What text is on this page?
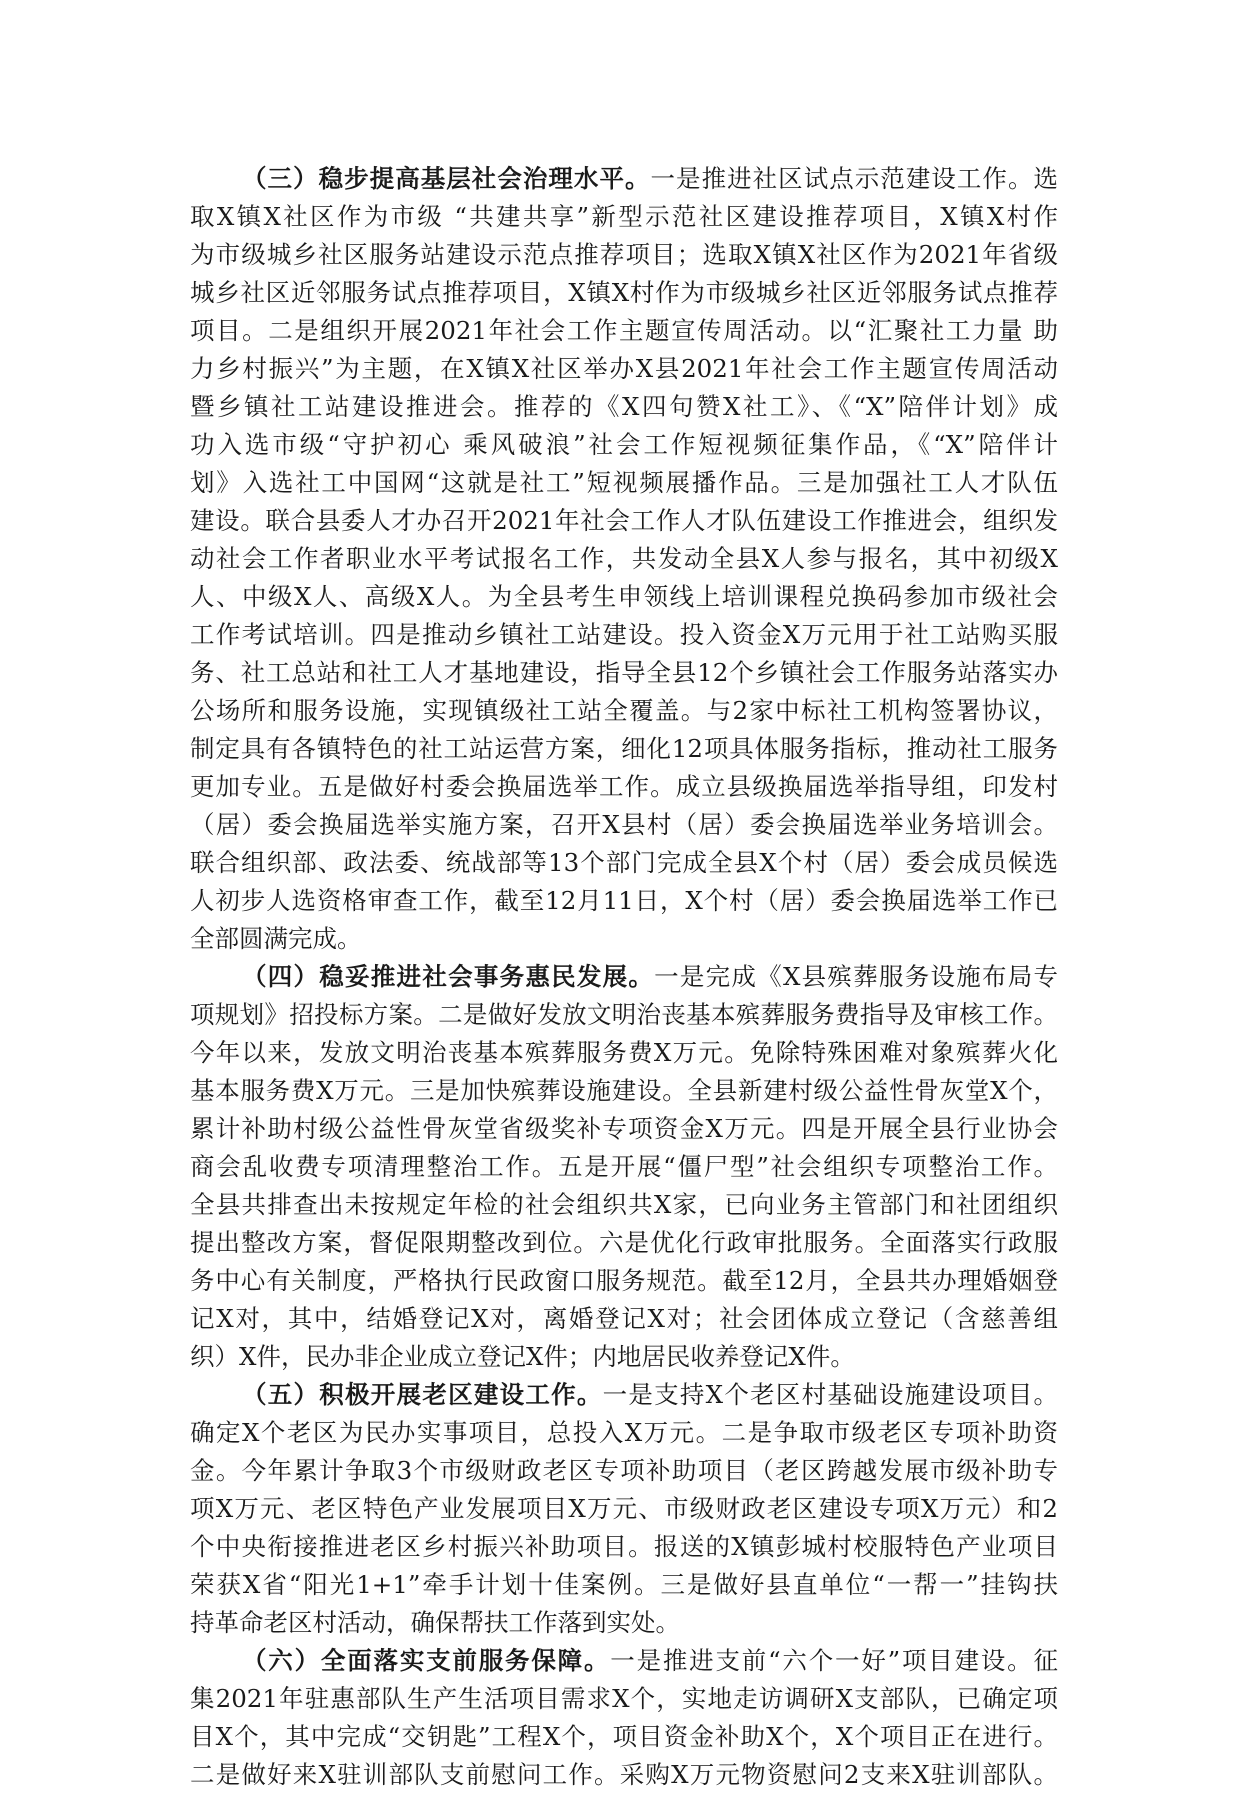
（三）稳步提高基层社会治理水平。一是推进社区试点示范建设工作。选
取X镇X社区作为市级 “共建共享”新型示范社区建设推荐项目，X镇X村作
为市级城乡社区服务站建设示范点推荐项目；选取X镇X社区作为2021年省级
城乡社区近邻服务试点推荐项目，X镇X村作为市级城乡社区近邻服务试点推荐
项目。二是组织开展2021年社会工作主题宣传周活动。以“汇聚社工力量 助
力乡村振兴”为主题，在X镇X社区举办X县2021年社会工作主题宣传周活动
暨乡镇社工站建设推进会。推荐的《X四句赞X社工》、《“X”陪伴计划》成
功入选市级“守护初心 乘风破浪”社会工作短视频征集作品，《“X”陪伴计
划》入选社工中国网“这就是社工”短视频展播作品。三是加强社工人才队伍
建设。联合县委人才办召开2021年社会工作人才队伍建设工作推进会，组织发
动社会工作者职业水平考试报名工作，共发动全县X人参与报名，其中初级X
人、中级X人、高级X人。为全县考生申领线上培训课程兑换码参加市级社会
工作考试培训。四是推动乡镇社工站建设。投入资金X万元用于社工站购买服
务、社工总站和社工人才基地建设，指导全县12个乡镇社会工作服务站落实办
公场所和服务设施，实现镇级社工站全覆盖。与2家中标社工机构签署协议，
制定具有各镇特色的社工站运营方案，细化12项具体服务指标，推动社工服务
更加专业。五是做好村委会换届选举工作。成立县级换届选举指导组，印发村
（居）委会换届选举实施方案，召开X县村（居）委会换届选举业务培训会。
联合组织部、政法委、统战部等13个部门完成全县X个村（居）委会成员候选
人初步人选资格审查工作，截至12月11日，X个村（居）委会换届选举工作已
全部圆满完成。
（四）稳妥推进社会事务惠民发展。一是完成《X县殡葬服务设施布局专
项规划》招投标方案。二是做好发放文明治丧基本殡葬服务费指导及审核工作。
今年以来，发放文明治丧基本殡葬服务费X万元。免除特殊困难对象殡葬火化
基本服务费X万元。三是加快殡葬设施建设。全县新建村级公益性骨灰堂X个，
累计补助村级公益性骨灰堂省级奖补专项资金X万元。四是开展全县行业协会
商会乱收费专项清理整治工作。五是开展“僵尸型”社会组织专项整治工作。
全县共排查出未按规定年检的社会组织共X家，已向业务主管部门和社团组织
提出整改方案，督促限期整改到位。六是优化行政审批服务。全面落实行政服
务中心有关制度，严格执行民政窗口服务规范。截至12月，全县共办理婚姻登
记X对，其中，结婚登记X对，离婚登记X对；社会团体成立登记（含慈善组
织）X件，民办非企业成立登记X件；内地居民收养登记X件。
（五）积极开展老区建设工作。一是支持X个老区村基础设施建设项目。
确定X个老区为民办实事项目，总投入X万元。二是争取市级老区专项补助资
金。今年累计争取3个市级财政老区专项补助项目（老区跨越发展市级补助专
项X万元、老区特色产业发展项目X万元、市级财政老区建设专项X万元）和2
个中央衔接推进老区乡村振兴补助项目。报送的X镇彭城村校服特色产业项目
荣获X省“阳光1+1”牵手计划十佳案例。三是做好县直单位“一帮一”挂钩扶
持革命老区村活动，确保帮扶工作落到实处。
（六）全面落实支前服务保障。一是推进支前“六个一好”项目建设。征
集2021年驻惠部队生产生活项目需求X个，实地走访调研X支部队，已确定项
目X个，其中完成“交钥匙”工程X个，项目资金补助X个，X个项目正在进行。
二是做好来X驻训部队支前慰问工作。采购X万元物资慰问2支来X驻训部队。
